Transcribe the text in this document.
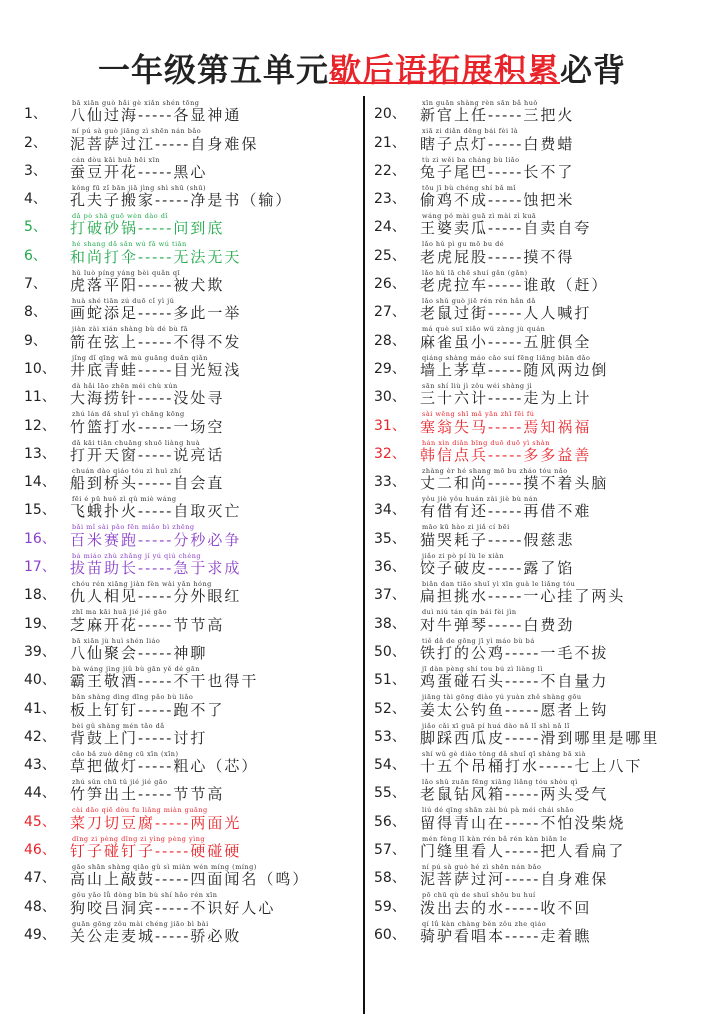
一年级第五单元歇后语拓展积累必背
1、
bā xiān guò hǎi gè xiǎn shén tōng
八仙过海-----各显神通
2、
ní pú sà guò jiāng zì shēn nán bǎo
泥菩萨过江-----自身难保
3、
cán dòu kāi huā hēi xīn
蚕豆开花-----黑心
4、
kǒng fū zǐ bān jiā jìng shì shū (shū)
孔夫子搬家-----净是书（输）
5、
dǎ pò shā guō wèn dào dǐ
打破砂锅-----问到底
6、
hé shang dǎ sǎn wú fǎ wú tiān
和尚打伞-----无法无天
7、
hǔ luò píng yáng bèi quǎn qī
虎落平阳-----被犬欺
8、
huà shé tiān zú duō cǐ yì jǔ
画蛇添足-----多此一举
9、
jiàn zài xián shàng bù dé bù fā
箭在弦上-----不得不发
10、
jǐng dǐ qīng wā mù guāng duǎn qiǎn
井底青蛙-----目光短浅
11、
dà hǎi lāo zhēn méi chù xún
大海捞针-----没处寻
12、
zhú lán dǎ shuǐ yì chǎng kōng
竹篮打水-----一场空
13、
dǎ kāi tiān chuāng shuō liàng huà
打开天窗-----说亮话
14、
chuán dào qiáo tóu zì huì zhí
船到桥头-----自会直
15、
fēi é pū huǒ zì qǔ miè wáng
飞蛾扑火-----自取灭亡
16、
bǎi mǐ sài pǎo fēn miǎo bì zhēng
百米赛跑-----分秒必争
17、
bá miáo zhù zhǎng jí yú qiú chéng
拔苗助长-----急于求成
18、
chóu rén xiāng jiàn fèn wài yǎn hóng
仇人相见-----分外眼红
19、
zhī ma kāi huā jié jié gāo
芝麻开花-----节节高
39、
bā xiān jù huì shén liáo
八仙聚会-----神聊
40、
bà wáng jìng jiǔ bù gān yě dé gān
霸王敬酒-----不干也得干
41、
bǎn shàng dìng dīng pǎo bù liǎo
板上钉钉-----跑不了
42、
bèi gǔ shàng mén tǎo dǎ
背鼓上门-----讨打
43、
cǎo bǎ zuò dēng cū xīn (xīn)
草把做灯-----粗心（芯）
44、
zhú sǔn chū tǔ jié jié gāo
竹笋出土-----节节高
45、
cài dāo qiē dòu fu liǎng miàn guāng
菜刀切豆腐-----两面光
46、
dīng zi pèng dīng zi yìng pèng yìng
钉子碰钉子-----硬碰硬
47、
gāo shān shàng qiāo gǔ sì miàn wén míng (míng)
高山上敲鼓-----四面闻名（鸣）
48、
gǒu yǎo lǚ dòng bīn bù shí hǎo rén xīn
狗咬吕洞宾-----不识好人心
49、
guān gōng zǒu mài chéng jiāo bì bài
关公走麦城-----骄必败
20、
xīn guān shàng rèn sān bǎ huǒ
新官上任-----三把火
21、
xiā zi diǎn dēng bái fèi là
瞎子点灯-----白费蜡
22、
tù zi wěi ba cháng bù liǎo
兔子尾巴-----长不了
23、
tōu jī bù chéng shí bǎ mǐ
偷鸡不成-----蚀把米
24、
wáng pó mài guā zì mài zì kuā
王婆卖瓜-----自卖自夸
25、
lǎo hǔ pì gu mō bu dé
老虎屁股-----摸不得
26、
lǎo hǔ lā chē shuí gǎn (gǎn)
老虎拉车-----谁敢（赶）
27、
lǎo shǔ guò jiē rén rén hǎn dǎ
老鼠过街-----人人喊打
28、
má què suī xiǎo wǔ zàng jù quán
麻雀虽小-----五脏俱全
29、
qiáng shàng máo cǎo suí fēng liǎng biān dǎo
墙上茅草-----随风两边倒
30、
sān shí liù jì zǒu wéi shàng jì
三十六计-----走为上计
31、
sài wēng shī mǎ yān zhī fēi fú
塞翁失马-----焉知祸福
32、
hán xìn diǎn bīng duō duō yì shàn
韩信点兵-----多多益善
33、
zhàng èr hé shang mō bu zháo tóu nǎo
丈二和尚-----摸不着头脑
34、
yǒu jiè yǒu huán zài jiè bù nán
有借有还-----再借不难
35、
māo kū hào zi jiǎ cí bēi
猫哭耗子-----假慈悲
36、
jiǎo zi pò pí lù le xiàn
饺子破皮-----露了馅
37、
biǎn dan tiāo shuǐ yì xīn guà le liǎng tóu
扁担挑水-----一心挂了两头
38、
duì niú tán qín bái fèi jìn
对牛弹琴-----白费劲
50、
tiě dǎ de gōng jī yì máo bù bá
铁打的公鸡-----一毛不拔
51、
jī dàn pèng shí tou bú zì liàng lì
鸡蛋碰石头-----不自量力
52、
jiāng tài gōng diào yú yuàn zhě shàng gōu
姜太公钓鱼-----愿者上钩
53、
jiǎo cǎi xī guā pí huá dào nǎ lǐ shì nǎ lǐ
脚踩西瓜皮-----滑到哪里是哪里
54、
shí wǔ gè diào tǒng dǎ shuǐ qī shàng bā xià
十五个吊桶打水-----七上八下
55、
lǎo shǔ zuān fēng xiāng liǎng tóu shòu qì
老鼠钻风箱-----两头受气
56、
liú dé qīng shān zài bú pà méi chái shāo
留得青山在-----不怕没柴烧
57、
mén fèng lǐ kàn rén bǎ rén kàn biǎn le
门缝里看人-----把人看扁了
58、
ní pú sà guò hé zì shēn nán bǎo
泥菩萨过河-----自身难保
59、
pō chū qù de shuǐ shōu bu huí
泼出去的水-----收不回
60、
qí lǘ kàn chàng běn zǒu zhe qiáo
骑驴看唱本-----走着瞧
